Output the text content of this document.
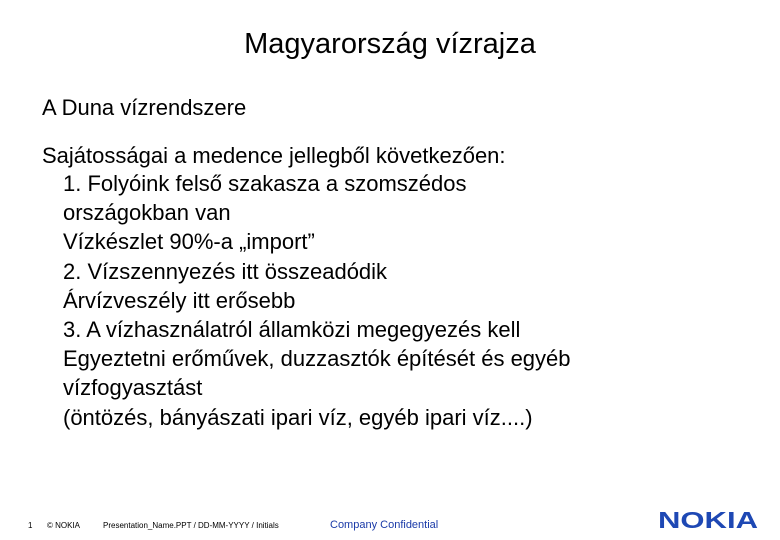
Magyarország vízrajza
A Duna vízrendszere
Sajátosságai a medence jellegből következően:
1. Folyóink felső szakasza a szomszédos
országokban van
Vízkészlet 90%-a „import”
2. Vízszennyezés itt összeadódik
Árvízveszély itt erősebb
3. A vízhasználatról államközi megegyezés kell
Egyeztetni erőművek, duzzasztók építését és egyéb
vízfogyasztást
(öntözés, bányászati ipari víz, egyéb ipari víz....)
1 © NOKIA	Presentation_Name.PPT / DD-MM-YYYY / Initials	Company Confidential	NOKIA
